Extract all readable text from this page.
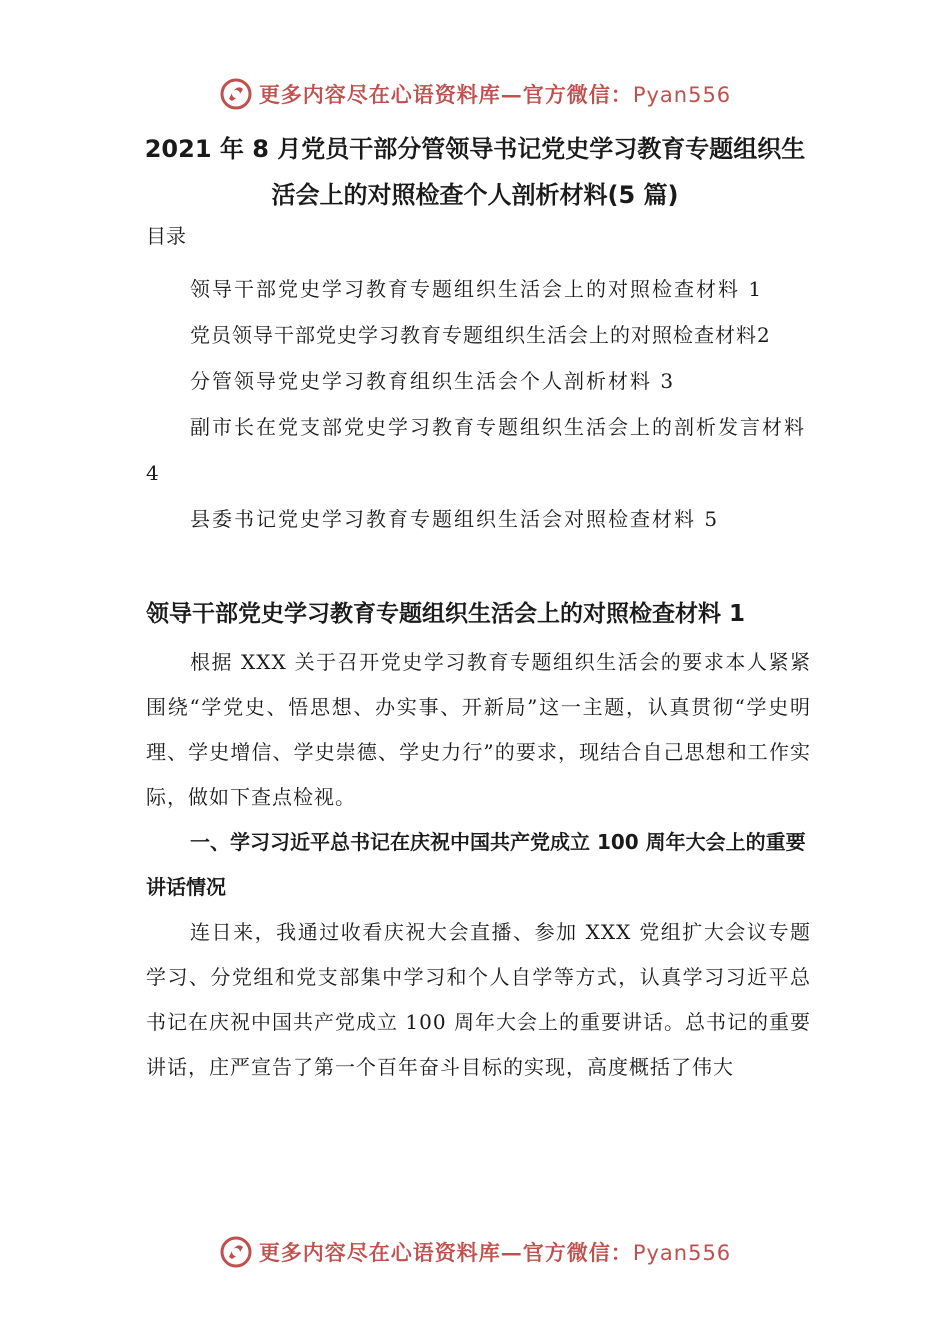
更多内容尽在心语资料库—官方微信：Pyan556
2021 年 8 月党员干部分管领导书记党史学习教育专题组织生活会上的对照检查个人剖析材料(5 篇)
目录
领导干部党史学习教育专题组织生活会上的对照检查材料 1
党员领导干部党史学习教育专题组织生活会上的对照检查材料2
分管领导党史学习教育组织生活会个人剖析材料 3
副市长在党支部党史学习教育专题组织生活会上的剖析发言材料 4
县委书记党史学习教育专题组织生活会对照检查材料 5
领导干部党史学习教育专题组织生活会上的对照检查材料 1
根据 XXX 关于召开党史学习教育专题组织生活会的要求本人紧紧围绕“学党史、悟思想、办实事、开新局”这一主题，认真贯彻“学史明理、学史增信、学史崇德、学史力行”的要求，现结合自己思想和工作实际，做如下查点检视。
一、学习习近平总书记在庆祝中国共产党成立 100 周年大会上的重要讲话情况
连日来，我通过收看庆祝大会直播、参加 XXX 党组扩大会议专题学习、分党组和党支部集中学习和个人自学等方式，认真学习习近平总书记在庆祝中国共产党成立 100 周年大会上的重要讲话。总书记的重要讲话，庄严宣告了第一个百年奋斗目标的实现，高度概括了伟大
更多内容尽在心语资料库—官方微信：Pyan556
